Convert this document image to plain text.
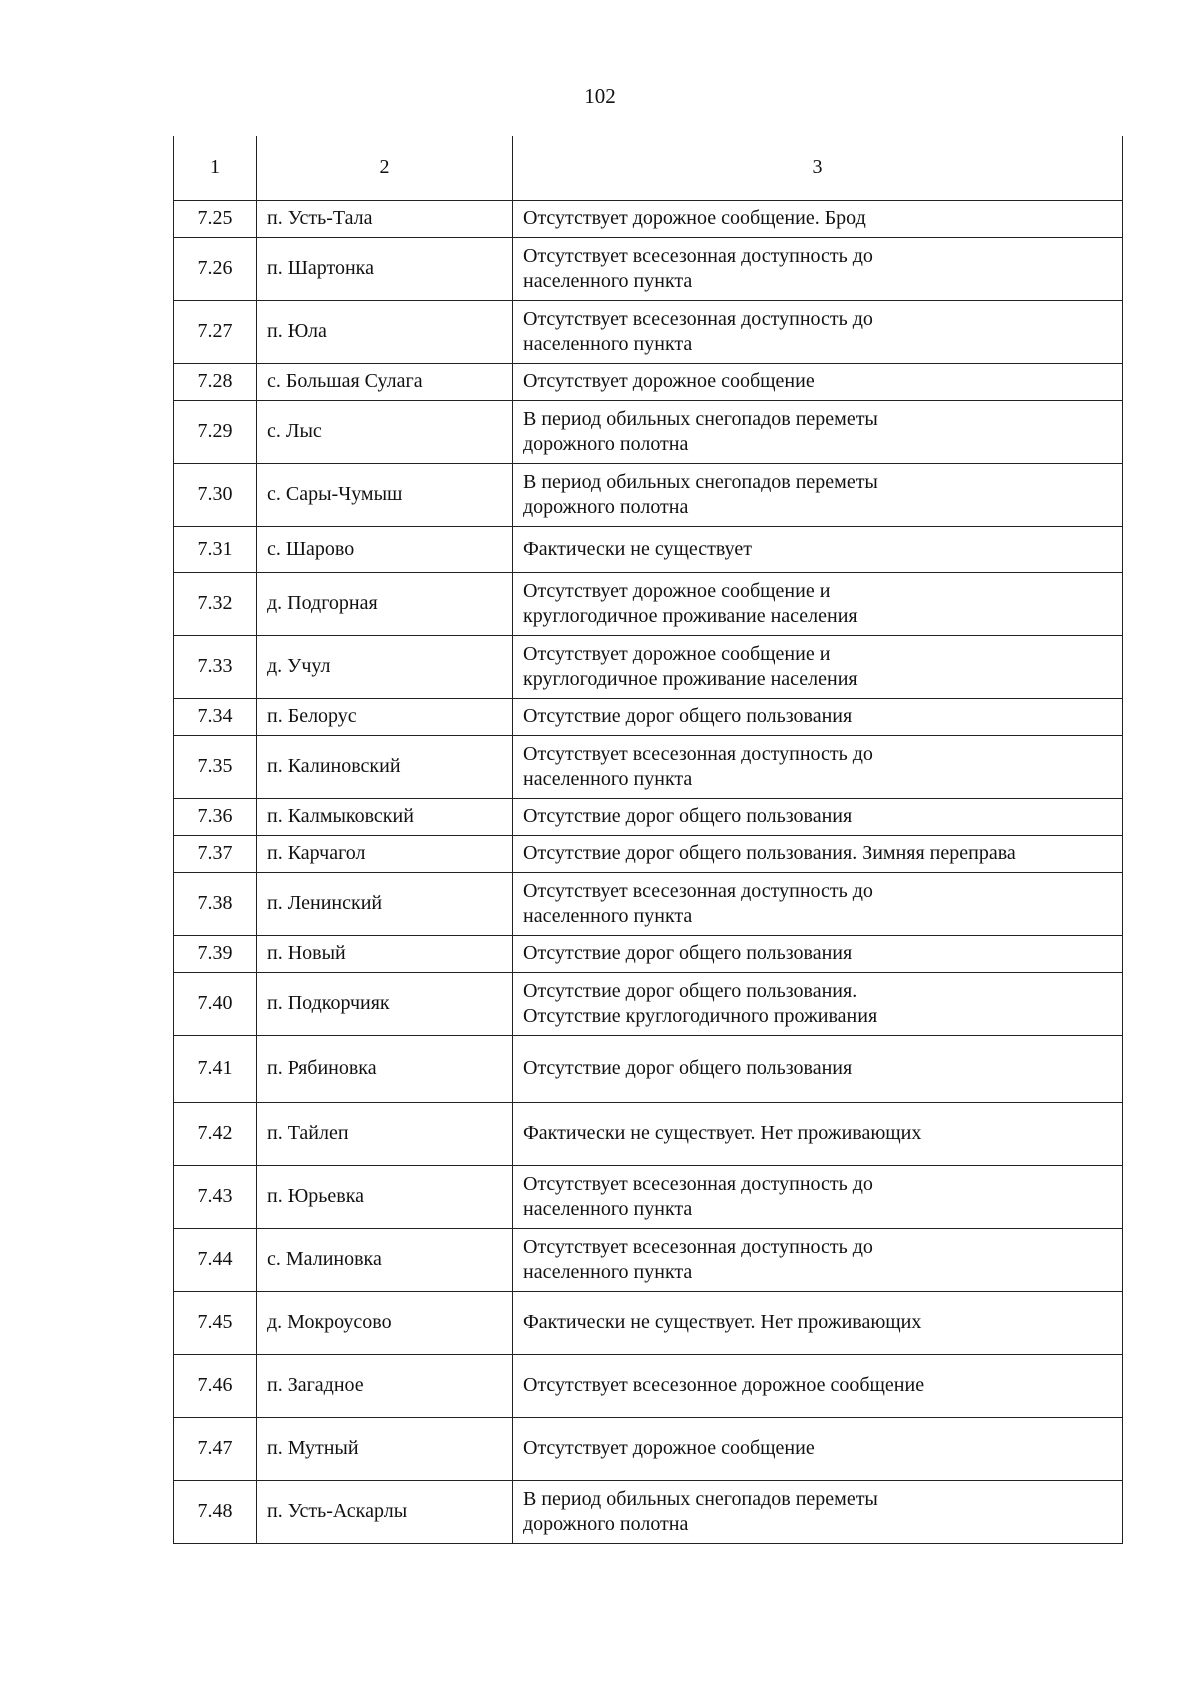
102
1	2	3
7.25	п. Усть-Тала	Отсутствует дорожное сообщение. Брод

7.26	п. Шартонка	Отсутствует всесезонная доступность до
населенного пункта

7.27	п. Юла	Отсутствует всесезонная доступность до
населенного пункта

7.28	с. Большая Сулага	Отсутствует дорожное сообщение

7.29	с. Лыс	В период обильных снегопадов переметы
дорожного полотна

7.30	с. Сары-Чумыш	В период обильных снегопадов переметы
дорожного полотна

7.31	с. Шарово	Фактически не существует

7.32	д. Подгорная	Отсутствует дорожное сообщение и
круглогодичное проживание населения

7.33	д. Учул	Отсутствует дорожное сообщение и
круглогодичное проживание населения

7.34	п. Белорус	Отсутствие дорог общего пользования

7.35	п. Калиновский	Отсутствует всесезонная доступность до
населенного пункта

7.36	п. Калмыковский	Отсутствие дорог общего пользования

7.37	п. Карчагол	Отсутствие дорог общего пользования. Зимняя переправа

7.38	п. Ленинский	Отсутствует всесезонная доступность до
населенного пункта

7.39	п. Новый	Отсутствие дорог общего пользования

7.40	п. Подкорчияк	Отсутствие дорог общего пользования.
Отсутствие круглогодичного проживания

7.41	п. Рябиновка	Отсутствие дорог общего пользования

7.42	п. Тайлеп	Фактически не существует. Нет проживающих

7.43	п. Юрьевка	Отсутствует всесезонная доступность до
населенного пункта

7.44	с. Малиновка	Отсутствует всесезонная доступность до
населенного пункта

7.45	д. Мокроусово	Фактически не существует. Нет проживающих

7.46	п. Загадное	Отсутствует всесезонное дорожное сообщение

7.47	п. Мутный	Отсутствует дорожное сообщение

7.48	п. Усть-Аскарлы	В период обильных снегопадов переметы
дорожного полотна
